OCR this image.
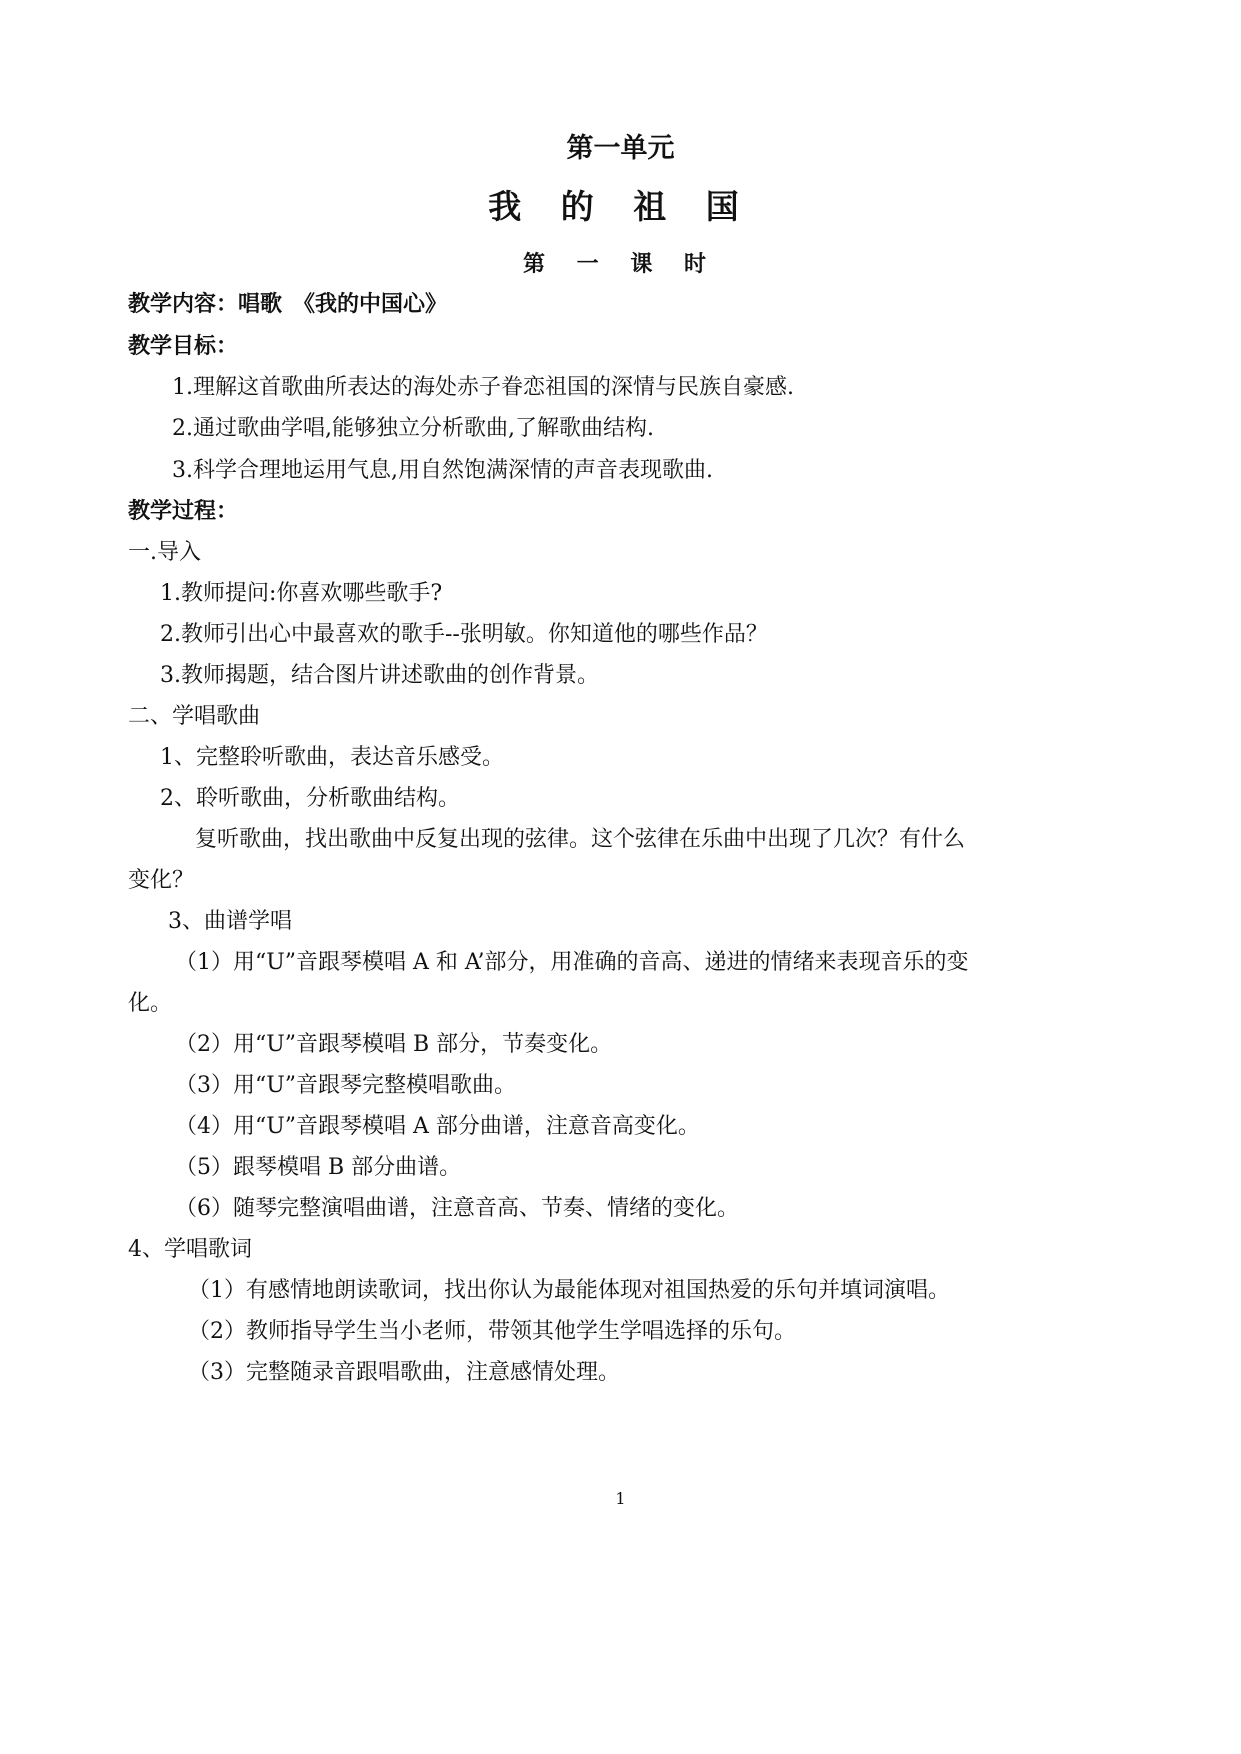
第一单元
我 的 祖 国
第 一 课 时
教学内容：唱歌　《我的中国心》
教学目标：
1.理解这首歌曲所表达的海处赤子眷恋祖国的深情与民族自豪感.
2.通过歌曲学唱,能够独立分析歌曲,了解歌曲结构.
3.科学合理地运用气息,用自然饱满深情的声音表现歌曲.
教学过程：
一.导入
1.教师提问:你喜欢哪些歌手?
2.教师引出心中最喜欢的歌手--张明敏。你知道他的哪些作品？
3.教师揭题，结合图片讲述歌曲的创作背景。
二、学唱歌曲
1、完整聆听歌曲，表达音乐感受。
2、聆听歌曲，分析歌曲结构。
复听歌曲，找出歌曲中反复出现的弦律。这个弦律在乐曲中出现了几次？有什么
变化？
3、曲谱学唱
（1）用“U”音跟琴模唱 A 和 A’部分，用准确的音高、递进的情绪来表现音乐的变
化。
（2）用“U”音跟琴模唱 B 部分，节奏变化。
（3）用“U”音跟琴完整模唱歌曲。
（4）用“U”音跟琴模唱 A 部分曲谱，注意音高变化。
（5）跟琴模唱 B 部分曲谱。
（6）随琴完整演唱曲谱，注意音高、节奏、情绪的变化。
4、学唱歌词
（1）有感情地朗读歌词，找出你认为最能体现对祖国热爱的乐句并填词演唱。
（2）教师指导学生当小老师，带领其他学生学唱选择的乐句。
（3）完整随录音跟唱歌曲，注意感情处理。
1
